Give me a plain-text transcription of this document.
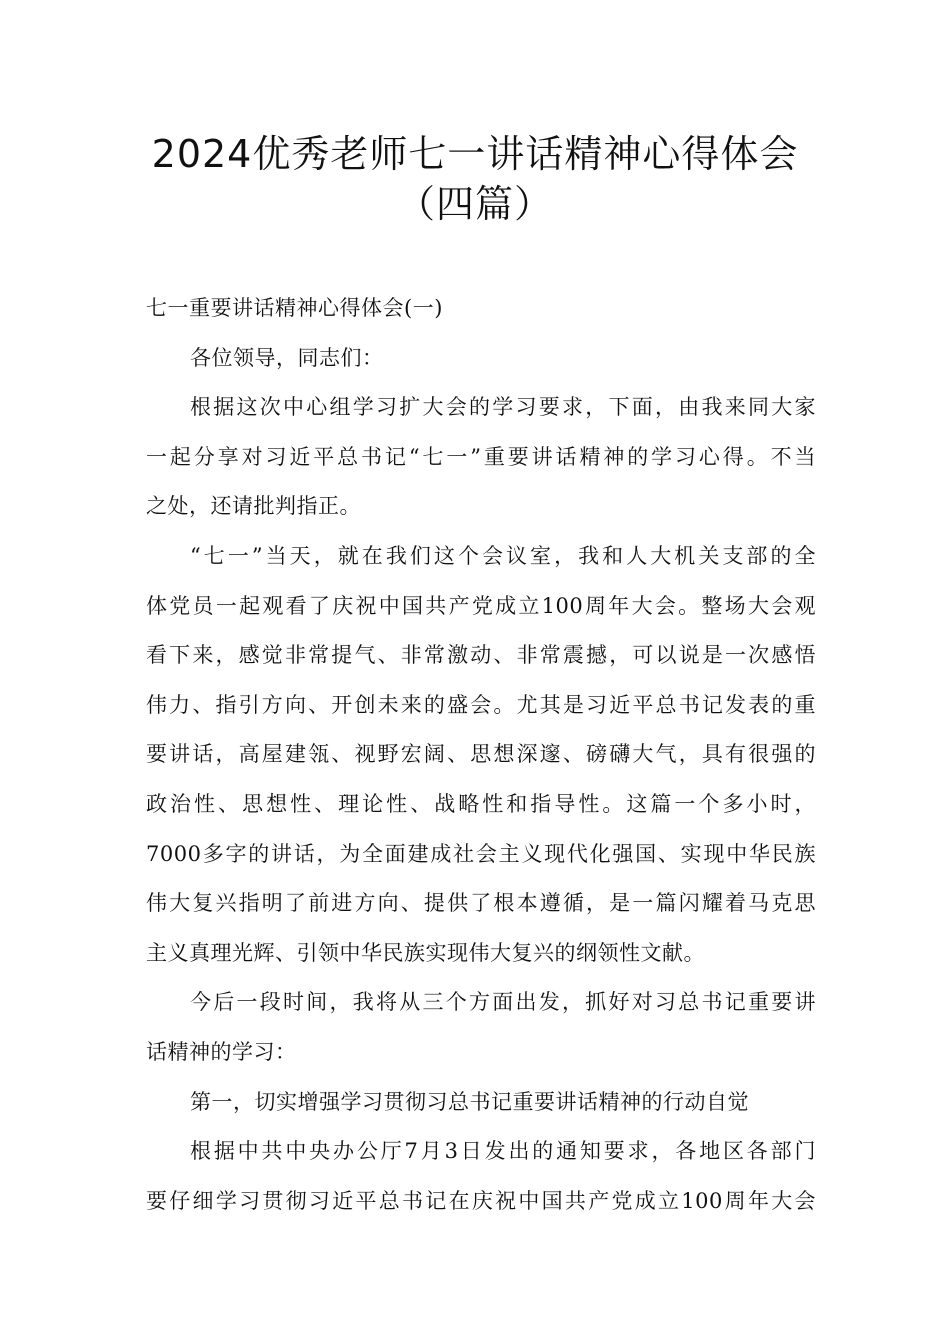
2024优秀老师七一讲话精神心得体会
（四篇）
七一重要讲话精神心得体会(一)
各位领导，同志们：
根据这次中心组学习扩大会的学习要求，下面，由我来同大家
一起分享对习近平总书记“七一”重要讲话精神的学习心得。不当
之处，还请批判指正。
“七一”当天，就在我们这个会议室，我和人大机关支部的全
体党员一起观看了庆祝中国共产党成立100周年大会。整场大会观
看下来，感觉非常提气、非常激动、非常震撼，可以说是一次感悟
伟力、指引方向、开创未来的盛会。尤其是习近平总书记发表的重
要讲话，高屋建瓴、视野宏阔、思想深邃、磅礴大气，具有很强的
政治性、思想性、理论性、战略性和指导性。这篇一个多小时，
7000多字的讲话，为全面建成社会主义现代化强国、实现中华民族
伟大复兴指明了前进方向、提供了根本遵循，是一篇闪耀着马克思
主义真理光辉、引领中华民族实现伟大复兴的纲领性文献。
今后一段时间，我将从三个方面出发，抓好对习总书记重要讲
话精神的学习：
第一，切实增强学习贯彻习总书记重要讲话精神的行动自觉
根据中共中央办公厅7月3日发出的通知要求，各地区各部门
要仔细学习贯彻习近平总书记在庆祝中国共产党成立100周年大会
